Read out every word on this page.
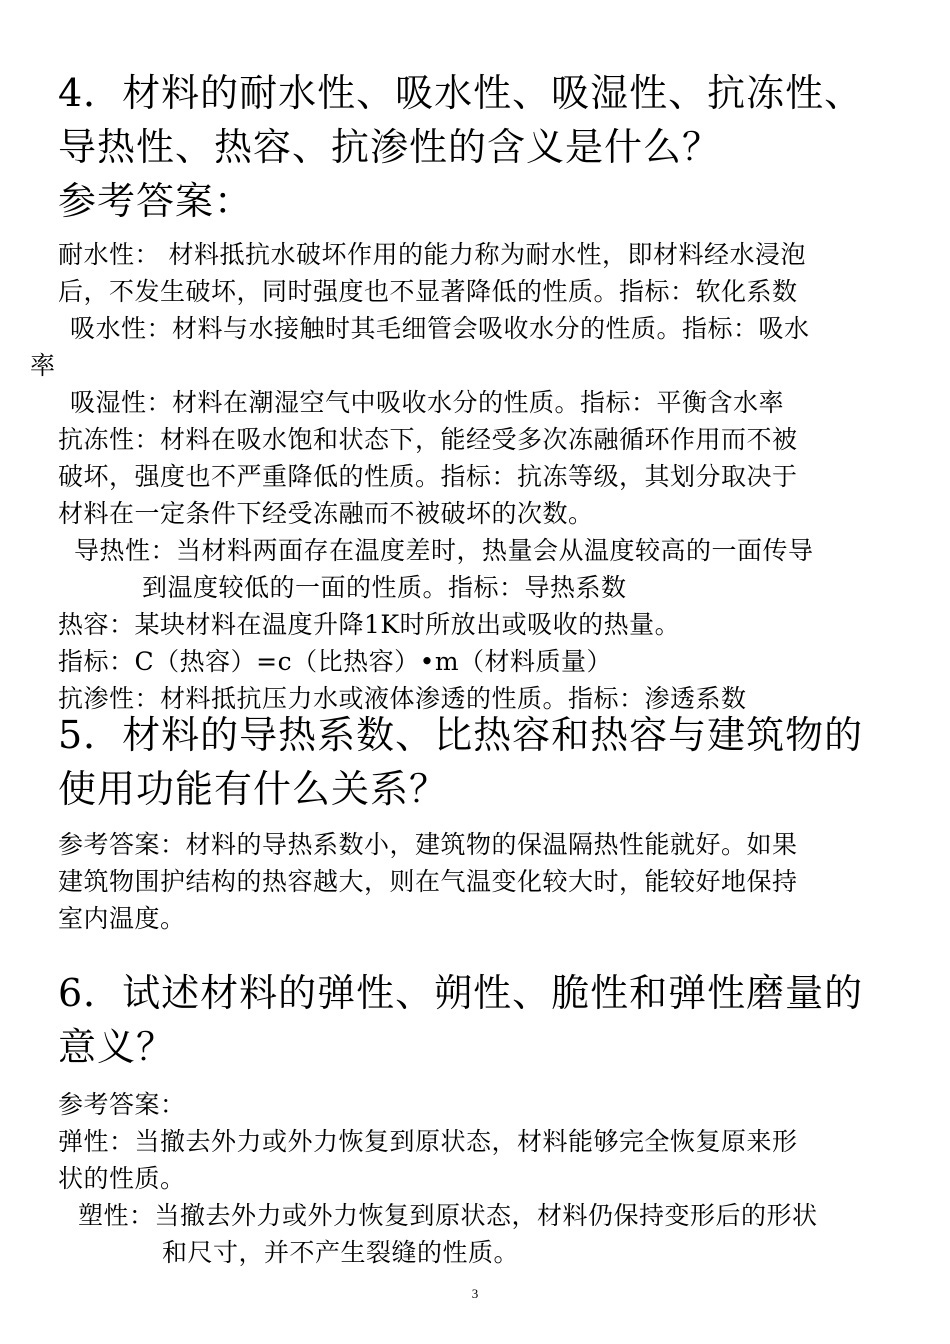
4．材料的耐水性、吸水性、吸湿性、抗冻性、
导热性、热容、抗渗性的含义是什么？
参考答案：
耐水性： 材料抵抗水破坏作用的能力称为耐水性，即材料经水浸泡
后，不发生破坏，同时强度也不显著降低的性质。指标：软化系数
吸水性：材料与水接触时其毛细管会吸收水分的性质。指标：吸水
率
吸湿性：材料在潮湿空气中吸收水分的性质。指标：平衡含水率
抗冻性：材料在吸水饱和状态下，能经受多次冻融循环作用而不被
破坏，强度也不严重降低的性质。指标：抗冻等级，其划分取决于
材料在一定条件下经受冻融而不被破坏的次数。
导热性：当材料两面存在温度差时，热量会从温度较高的一面传导
到温度较低的一面的性质。指标：导热系数
热容：某块材料在温度升降1K时所放出或吸收的热量。
指标：C（热容）=c（比热容）•m（材料质量）
抗渗性：材料抵抗压力水或液体渗透的性质。指标：渗透系数
5．材料的导热系数、比热容和热容与建筑物的
使用功能有什么关系？
参考答案：材料的导热系数小，建筑物的保温隔热性能就好。如果
建筑物围护结构的热容越大，则在气温变化较大时，能较好地保持
室内温度。
6．试述材料的弹性、朔性、脆性和弹性磨量的
意义？
参考答案：
弹性：当撤去外力或外力恢复到原状态，材料能够完全恢复原来形
状的性质。
塑性：当撤去外力或外力恢复到原状态，材料仍保持变形后的形状
和尺寸，并不产生裂缝的性质。
3
